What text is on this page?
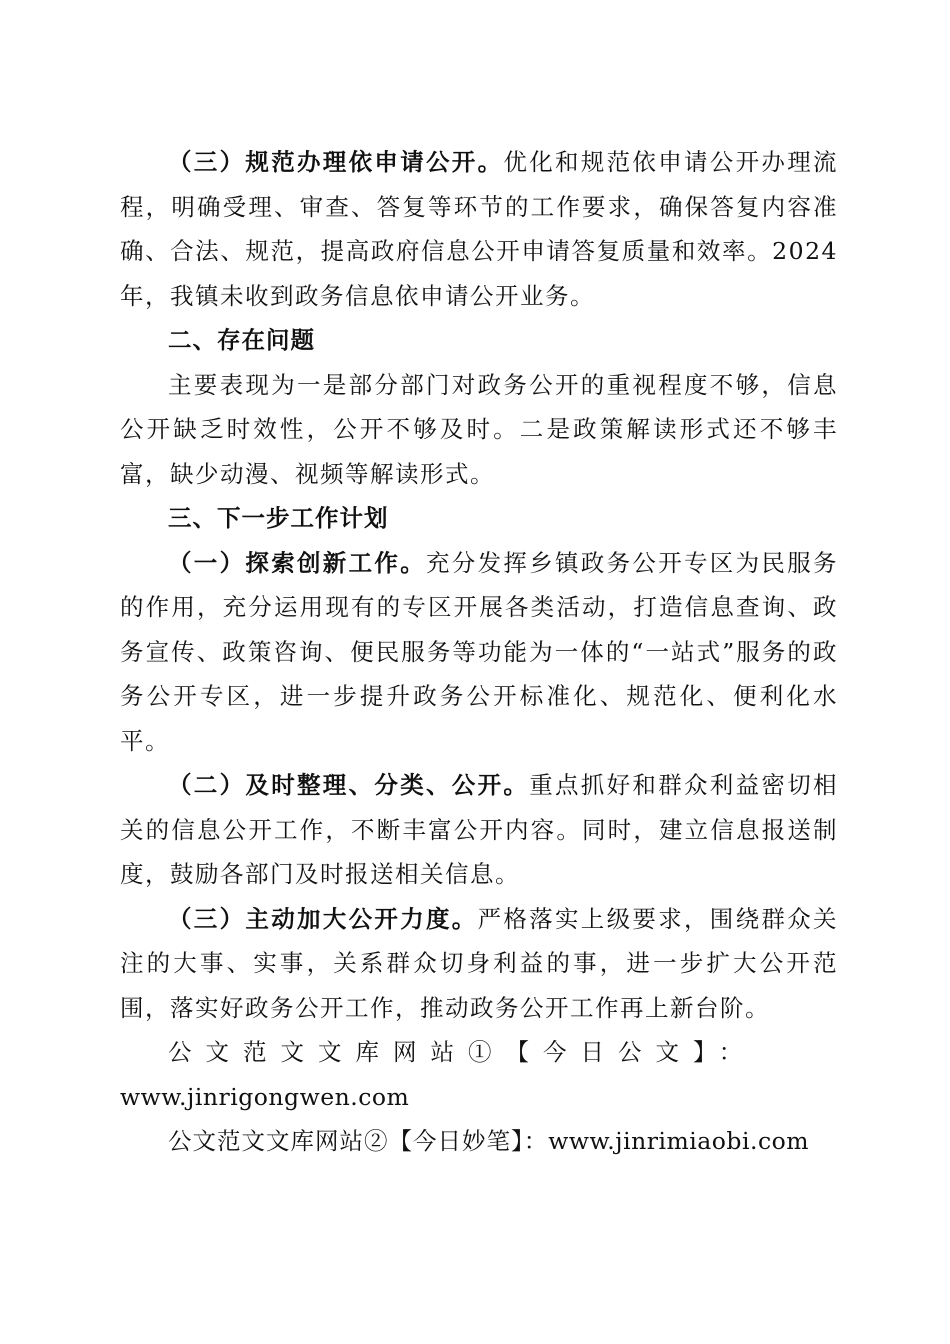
（三）规范办理依申请公开。优化和规范依申请公开办理流程，明确受理、审查、答复等环节的工作要求，确保答复内容准确、合法、规范，提高政府信息公开申请答复质量和效率。2024年，我镇未收到政务信息依申请公开业务。

二、存在问题

主要表现为一是部分部门对政务公开的重视程度不够，信息公开缺乏时效性，公开不够及时。二是政策解读形式还不够丰富，缺少动漫、视频等解读形式。

三、下一步工作计划

（一）探索创新工作。充分发挥乡镇政务公开专区为民服务的作用，充分运用现有的专区开展各类活动，打造信息查询、政务宣传、政策咨询、便民服务等功能为一体的“一站式”服务的政务公开专区，进一步提升政务公开标准化、规范化、便利化水平。

（二）及时整理、分类、公开。重点抓好和群众利益密切相关的信息公开工作，不断丰富公开内容。同时，建立信息报送制度，鼓励各部门及时报送相关信息。

（三）主动加大公开力度。严格落实上级要求，围绕群众关注的大事、实事，关系群众切身利益的事，进一步扩大公开范围，落实好政务公开工作，推动政务公开工作再上新台阶。

公文范文文库网站①【今日公文】：

www.jinrigongwen.com

公文范文文库网站②【今日妙笔】：www.jinrimiaobi.com
